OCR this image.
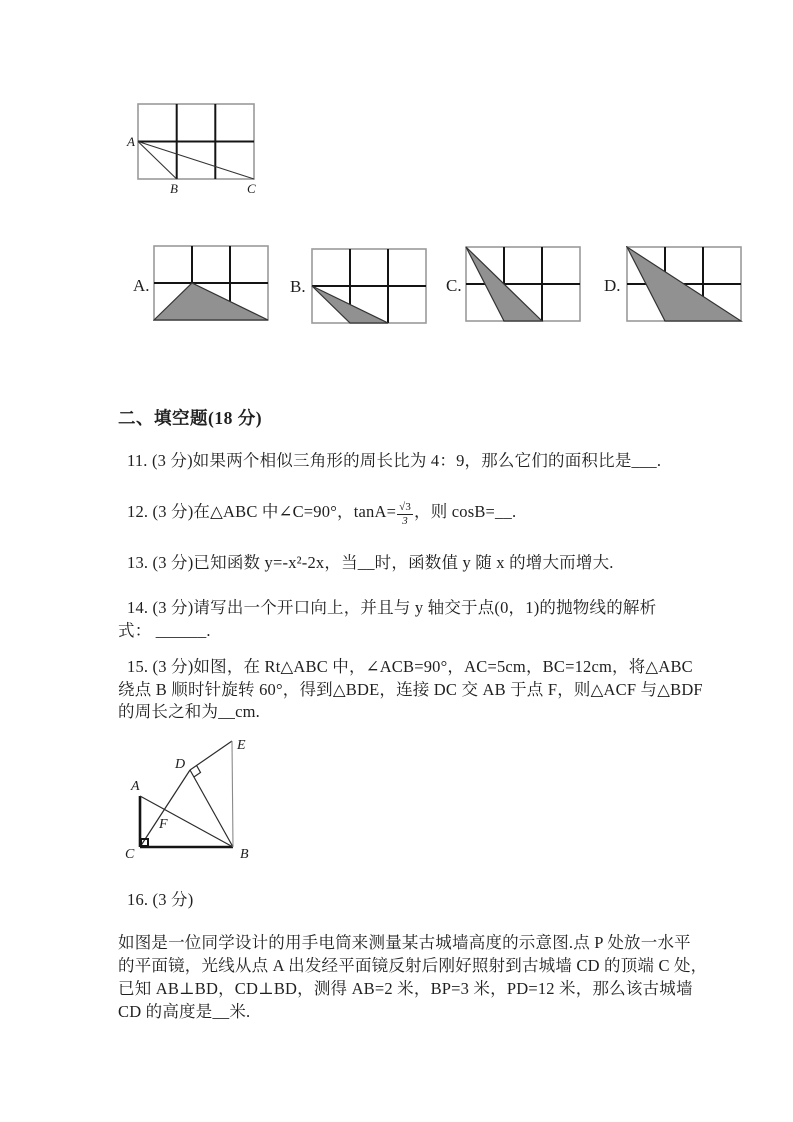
A
B	C
A.	B.	C.	D.
二、填空题(18 分)
11. (3 分)如果两个相似三角形的周长比为 4：9，那么它们的面积比是___.
12. (3 分)在△ABC 中∠C=90°，$\tan A= \frac{√3}{3}$ ，则 cosB=__.
13. (3 分)已知函数 y=-x²-2x，当__时，函数值 y 随 x 的增大而增大.
14. (3 分)请写出一个开口向上，并且与 y 轴交于点(0，1)的抛物线的解析
式： ______.
15. (3 分)如图，在 Rt△ABC 中，∠ACB=90°，AC=5cm，BC=12cm，将△ABC
绕点 B 顺时针旋转 60°，得到△BDE，连接 DC 交 AB 于点 F，则△ACF 与△BDF
的周长之和为__cm.
A
B
C
D
E
F
16. (3 分)
如图是一位同学设计的用手电筒来测量某古城墙高度的示意图.点 P 处放一水平
的平面镜，光线从点 A 出发经平面镜反射后刚好照射到古城墙 CD 的顶端 C 处，
已知 AB⊥BD，CD⊥BD，测得 AB=2 米，BP=3 米，PD=12 米，那么该古城墙
CD 的高度是__米.
